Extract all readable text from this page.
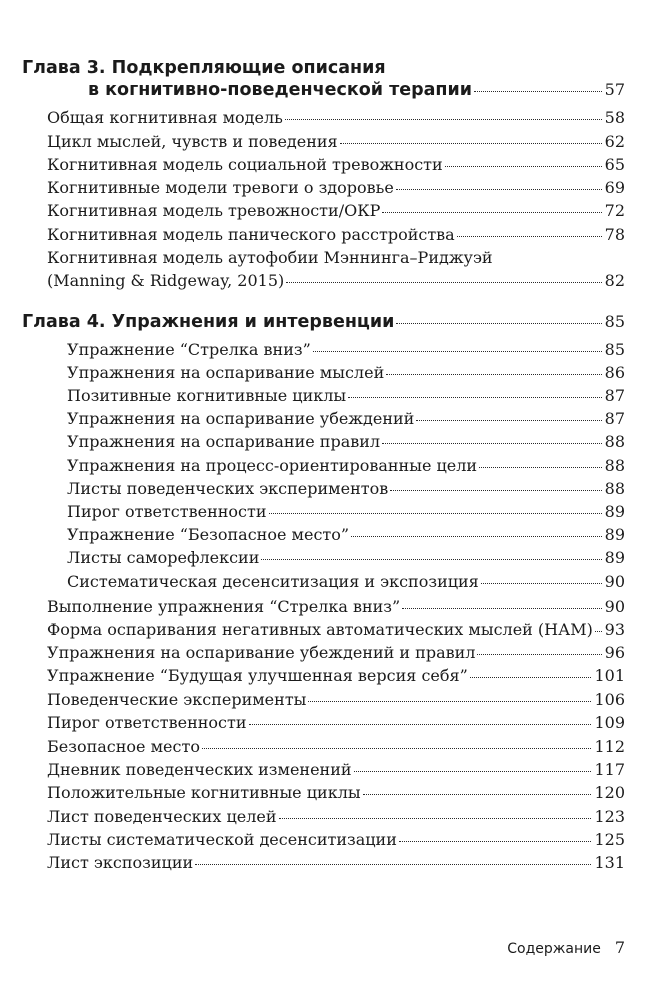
Глава 3. Подкрепляющие описания
в когнитивно-поведенческой терапии	57
Общая когнитивная модель	58
Цикл мыслей, чувств и поведения	62
Когнитивная модель социальной тревожности	65
Когнитивные модели тревоги о здоровье	69
Когнитивная модель тревожности/ОКР	72
Когнитивная модель панического расстройства	78
Когнитивная модель аутофобии Мэннинга–Риджуэй
(Manning & Ridgeway, 2015)	82
Глава 4. Упражнения и интервенции	85
Упражнение “Стрелка вниз”	85
Упражнения на оспаривание мыслей	86
Позитивные когнитивные циклы	87
Упражнения на оспаривание убеждений	87
Упражнения на оспаривание правил	88
Упражнения на процесс-ориентированные цели	88
Листы поведенческих экспериментов	88
Пирог ответственности	89
Упражнение “Безопасное место”	89
Листы саморефлексии	89
Систематическая десенситизация и экспозиция	90
Выполнение упражнения “Стрелка вниз”	90
Форма оспаривания негативных автоматических мыслей (НАМ) 93
Упражнения на оспаривание убеждений и правил	96
Упражнение “Будущая улучшенная версия себя”	101
Поведенческие эксперименты	106
Пирог ответственности	109
Безопасное место	112
Дневник поведенческих изменений	117
Положительные когнитивные циклы	120
Лист поведенческих целей	123
Листы систематической десенситизации	125
Лист экспозиции	131
Содержание 7
